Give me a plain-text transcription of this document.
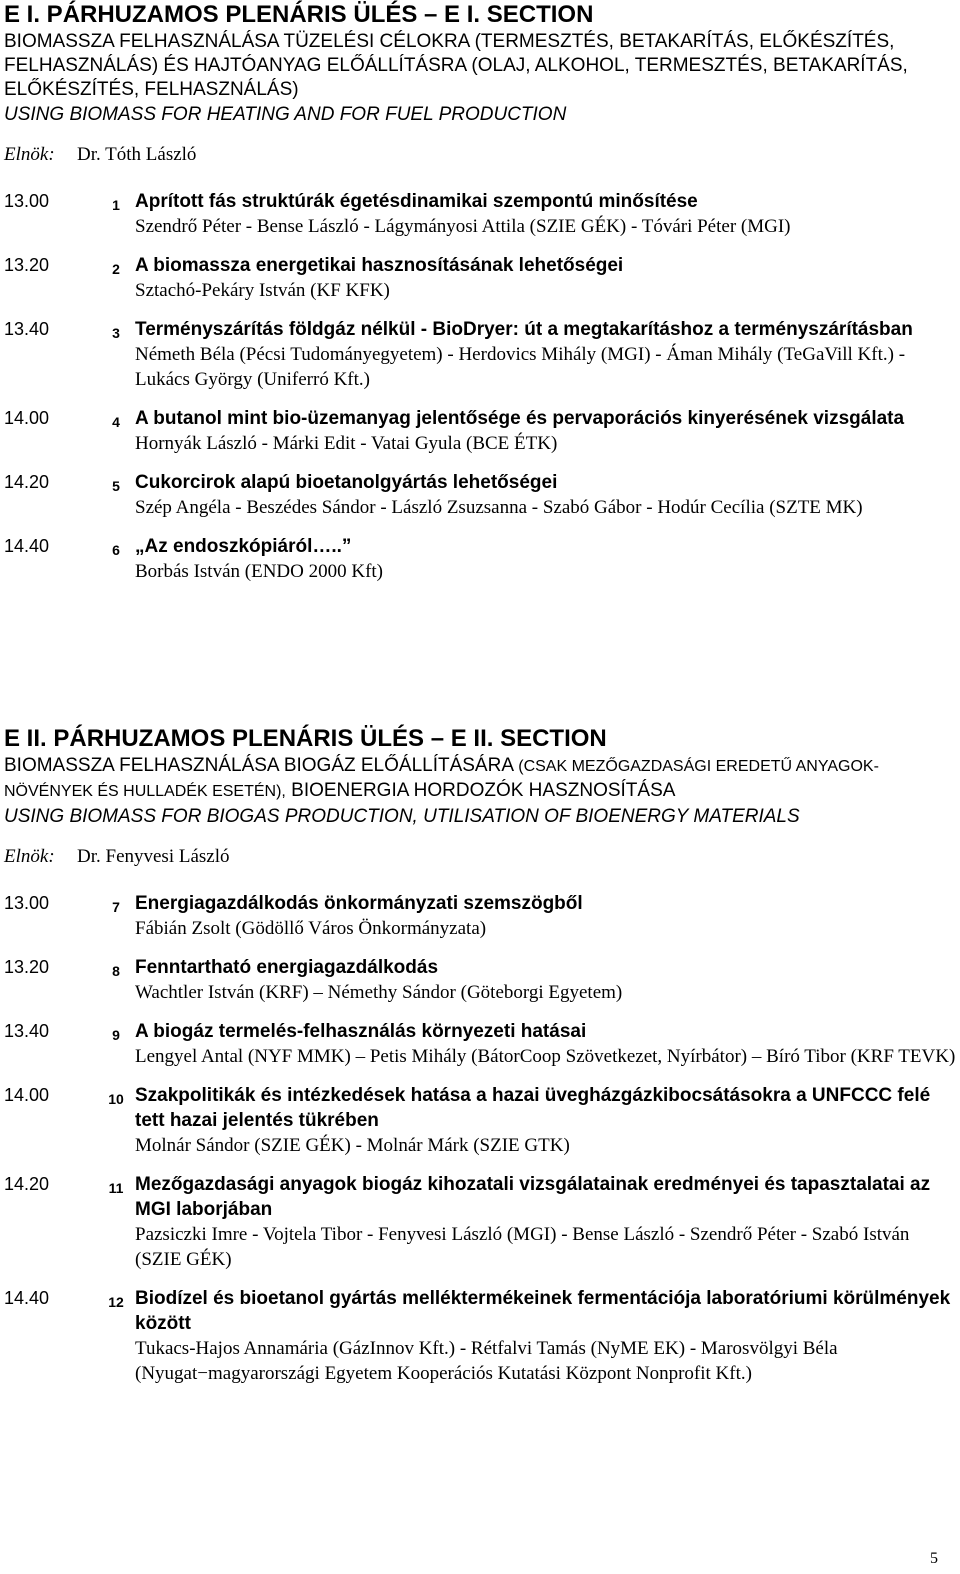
E I. PÁRHUZAMOS PLENÁRIS ÜLÉS – E I. SECTION

BIOMASSZA FELHASZNÁLÁSA TÜZELÉSI CÉLOKRA (TERMESZTÉS, BETAKARÍTÁS, ELŐKÉSZÍTÉS, FELHASZNÁLÁS) ÉS HAJTÓANYAG ELŐÁLLÍTÁSRA (OLAJ, ALKOHOL, TERMESZTÉS, BETAKARÍTÁS, ELŐKÉSZÍTÉS, FELHASZNÁLÁS)

USING BIOMASS FOR HEATING AND FOR FUEL PRODUCTION

Elnök: Dr. Tóth László
13.00	1 Aprított fás struktúrák égetésdinamikai szempontú minősítése
Szendrő Péter - Bense László - Lágymányosi Attila (SZIE GÉK) - Tóvári Péter (MGI)
13.20	2 A biomassza energetikai hasznosításának lehetőségei
Sztachó-Pekáry István (KF KFK)
13.40	3 Terményszárítás földgáz nélkül - BioDryer: út a megtakarításhoz a terményszárításban
Németh Béla (Pécsi Tudományegyetem) - Herdovics Mihály (MGI) - Áman Mihály (TeGaVill Kft.) - Lukács György (Uniferró Kft.)
14.00	4 A butanol mint bio-üzemanyag jelentősége és pervaporációs kinyerésének vizsgálata
Hornyák László - Márki Edit - Vatai Gyula (BCE ÉTK)
14.20	5 Cukorcirok alapú bioetanolgyártás lehetőségei
Szép Angéla - Beszédes Sándor - László Zsuzsanna - Szabó Gábor - Hodúr Cecília (SZTE MK)
14.40	6 „Az endoszkópiáról…..”
Borbás István (ENDO 2000 Kft)
E II. PÁRHUZAMOS PLENÁRIS ÜLÉS – E II. SECTION

BIOMASSZA FELHASZNÁLÁSA BIOGÁZ ELŐÁLLÍTÁSÁRA (CSAK MEZŐGAZDASÁGI EREDETŰ ANYAGOK-NÖVÉNYEK ÉS HULLADÉK ESETÉN), BIOENERGIA HORDOZÓK HASZNOSÍTÁSA

USING BIOMASS FOR BIOGAS PRODUCTION, UTILISATION OF BIOENERGY MATERIALS

Elnök: Dr. Fenyvesi László
13.00	7 Energiagazdálkodás önkormányzati szemszögből
Fábián Zsolt (Gödöllő Város Önkormányzata)
13.20	8 Fenntartható energiagazdálkodás
Wachtler István (KRF) – Némethy Sándor (Göteborgi Egyetem)
13.40	9 A biogáz termelés-felhasználás környezeti hatásai
Lengyel Antal (NYF MMK) – Petis Mihály (BátorCoop Szövetkezet, Nyírbátor) – Bíró Tibor (KRF TEVK)
14.00	10 Szakpolitikák és intézkedések hatása a hazai üvegházgázkibocsátásokra a UNFCCC felé tett hazai jelentés tükrében
Molnár Sándor (SZIE GÉK) - Molnár Márk (SZIE GTK)
14.20	11 Mezőgazdasági anyagok biogáz kihozatali vizsgálatainak eredményei és tapasztalatai az MGI laborjában
Pazsiczki Imre - Vojtela Tibor - Fenyvesi László (MGI) - Bense László - Szendrő Péter - Szabó István (SZIE GÉK)
14.40	12 Biodízel és bioetanol gyártás melléktermékeinek fermentációja laboratóriumi körülmények között
Tukacs-Hajos Annamária (GázInnov Kft.) - Rétfalvi Tamás (NyME EK) - Marosvölgyi Béla (Nyugat−magyarországi Egyetem Kooperációs Kutatási Központ Nonprofit Kft.)
5
